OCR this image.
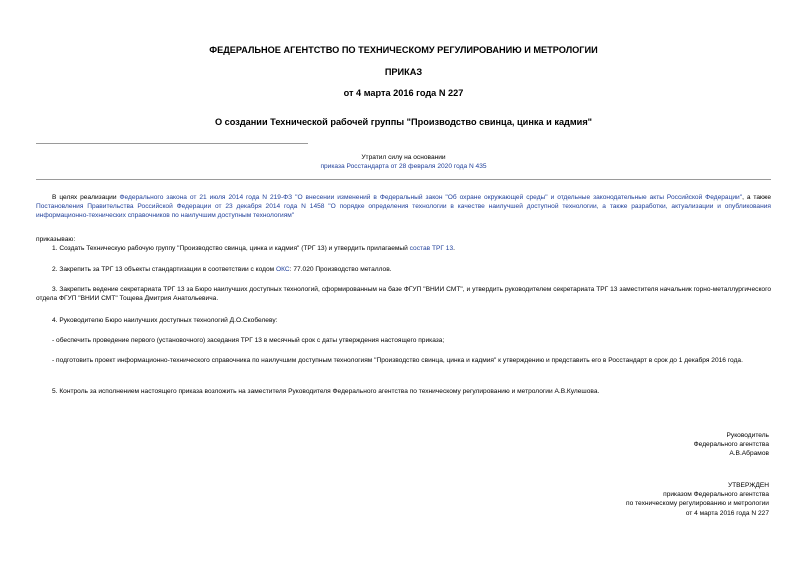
ФЕДЕРАЛЬНОЕ АГЕНТСТВО ПО ТЕХНИЧЕСКОМУ РЕГУЛИРОВАНИЮ И МЕТРОЛОГИИ
ПРИКАЗ
от 4 марта 2016 года N 227
О создании Технической рабочей группы "Производство свинца, цинка и кадмия"
Утратил силу на основании
приказа Росстандарта от 28 февраля 2020 года N 435
В целях реализации Федерального закона от 21 июля 2014 года N 219-ФЗ "О внесении изменений в Федеральный закон "Об охране окружающей среды" и отдельные законодательные акты Российской Федерации", а также Постановления Правительства Российской Федерации от 23 декабря 2014 года N 1458 "О порядке определения технологии в качестве наилучшей доступной технологии, а также разработки, актуализации и опубликования информационно-технических справочников по наилучшим доступным технологиям"
приказываю:
1. Создать Техническую рабочую группу "Производство свинца, цинка и кадмия" (ТРГ 13) и утвердить прилагаемый состав ТРГ 13.
2. Закрепить за ТРГ 13 объекты стандартизации в соответствии с кодом ОКС: 77.020 Производство металлов.
3. Закрепить ведение секретариата ТРГ 13 за Бюро наилучших доступных технологий, сформированным на базе ФГУП "ВНИИ СМТ", и утвердить руководителем секретариата ТРГ 13 заместителя начальник горно-металлургического отдела ФГУП "ВНИИ СМТ" Тощева Дмитрия Анатольевича.
4. Руководителю Бюро наилучших доступных технологий Д.О.Скобелеву:
- обеспечить проведение первого (установочного) заседания ТРГ 13 в месячный срок с даты утверждения настоящего приказа;
- подготовить проект информационно-технического справочника по наилучшим доступным технологиям "Производство свинца, цинка и кадмия" к утверждению и представить его в Росстандарт в срок до 1 декабря 2016 года.
5. Контроль за исполнением настоящего приказа возложить на заместителя Руководителя Федерального агентства по техническому регулированию и метрологии А.В.Кулешова.
Руководитель
Федерального агентства
А.В.Абрамов
УТВЕРЖДЕН
приказом Федерального агентства
по техническому регулированию и метрологии
от 4 марта 2016 года N 227
